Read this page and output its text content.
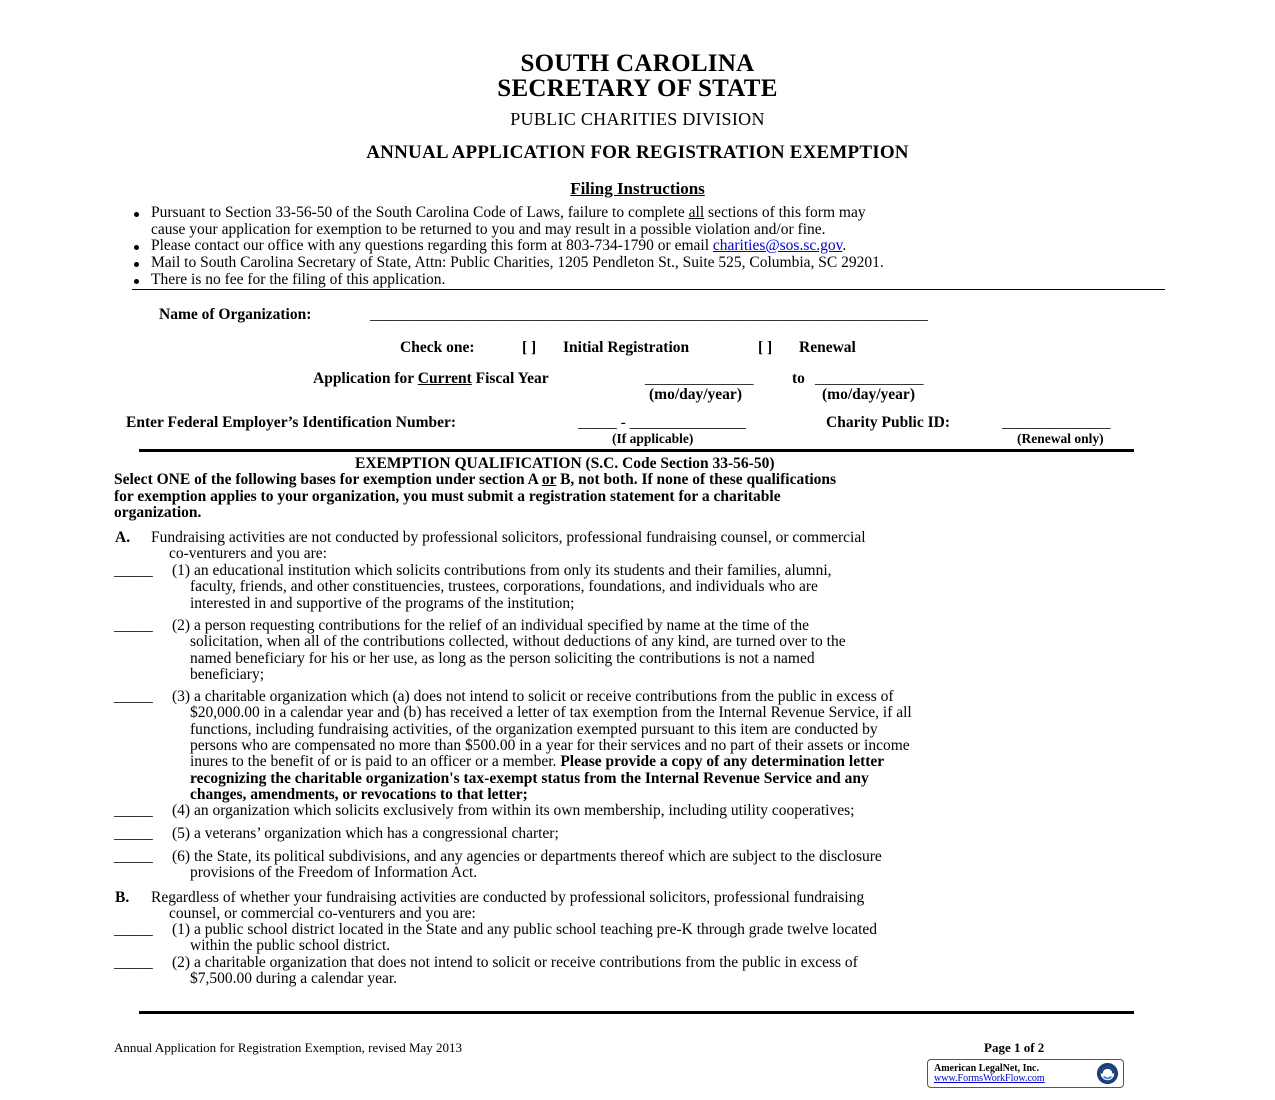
SOUTH CAROLINA
SECRETARY OF STATE
PUBLIC CHARITIES DIVISION
ANNUAL APPLICATION FOR REGISTRATION EXEMPTION
Filing Instructions
Pursuant to Section 33-56-50 of the South Carolina Code of Laws, failure to complete all sections of this form may
cause your application for exemption to be returned to you and may result in a possible violation and/or fine.
Please contact our office with any questions regarding this form at 803-734-1790 or email charities@sos.sc.gov.
Mail to South Carolina Secretary of State, Attn: Public Charities, 1205 Pendleton St., Suite 525, Columbia, SC 29201.
There is no fee for the filing of this application.
Name of Organization:	________________________________________________________________________
Check one:	[ ] Initial Registration	[ ] Renewal
Application for Current Fiscal Year	______________ to ______________
(mo/day/year)	(mo/day/year)
Enter Federal Employer’s Identification Number:	_____ - _______________
(If applicable)
Charity Public ID:	______________
(Renewal only)
EXEMPTION QUALIFICATION (S.C. Code Section 33-56-50)
Select ONE of the following bases for exemption under section A or B, not both. If none of these qualifications
for exemption applies to your organization, you must submit a registration statement for a charitable
organization.
A. Fundraising activities are not conducted by professional solicitors, professional fundraising counsel, or commercial
co-venturers and you are:
_____ (1) an educational institution which solicits contributions from only its students and their families, alumni,
faculty, friends, and other constituencies, trustees, corporations, foundations, and individuals who are
interested in and supportive of the programs of the institution;
_____ (2) a person requesting contributions for the relief of an individual specified by name at the time of the
solicitation, when all of the contributions collected, without deductions of any kind, are turned over to the
named beneficiary for his or her use, as long as the person soliciting the contributions is not a named
beneficiary;
_____ (3) a charitable organization which (a) does not intend to solicit or receive contributions from the public in excess of
$20,000.00 in a calendar year and (b) has received a letter of tax exemption from the Internal Revenue Service, if all
functions, including fundraising activities, of the organization exempted pursuant to this item are conducted by
persons who are compensated no more than $500.00 in a year for their services and no part of their assets or income
inures to the benefit of or is paid to an officer or a member. Please provide a copy of any determination letter
recognizing the charitable organization's tax-exempt status from the Internal Revenue Service and any
changes, amendments, or revocations to that letter;
_____ (4) an organization which solicits exclusively from within its own membership, including utility cooperatives;
_____ (5) a veterans’ organization which has a congressional charter;
_____ (6) the State, its political subdivisions, and any agencies or departments thereof which are subject to the disclosure
provisions of the Freedom of Information Act.
B. Regardless of whether your fundraising activities are conducted by professional solicitors, professional fundraising
counsel, or commercial co-venturers and you are:
_____ (1) a public school district located in the State and any public school teaching pre-K through grade twelve located
within the public school district.
_____ (2) a charitable organization that does not intend to solicit or receive contributions from the public in excess of
$7,500.00 during a calendar year.
Annual Application for Registration Exemption, revised May 2013	Page 1 of 2
American LegalNet, Inc.
www.FormsWorkFlow.com
